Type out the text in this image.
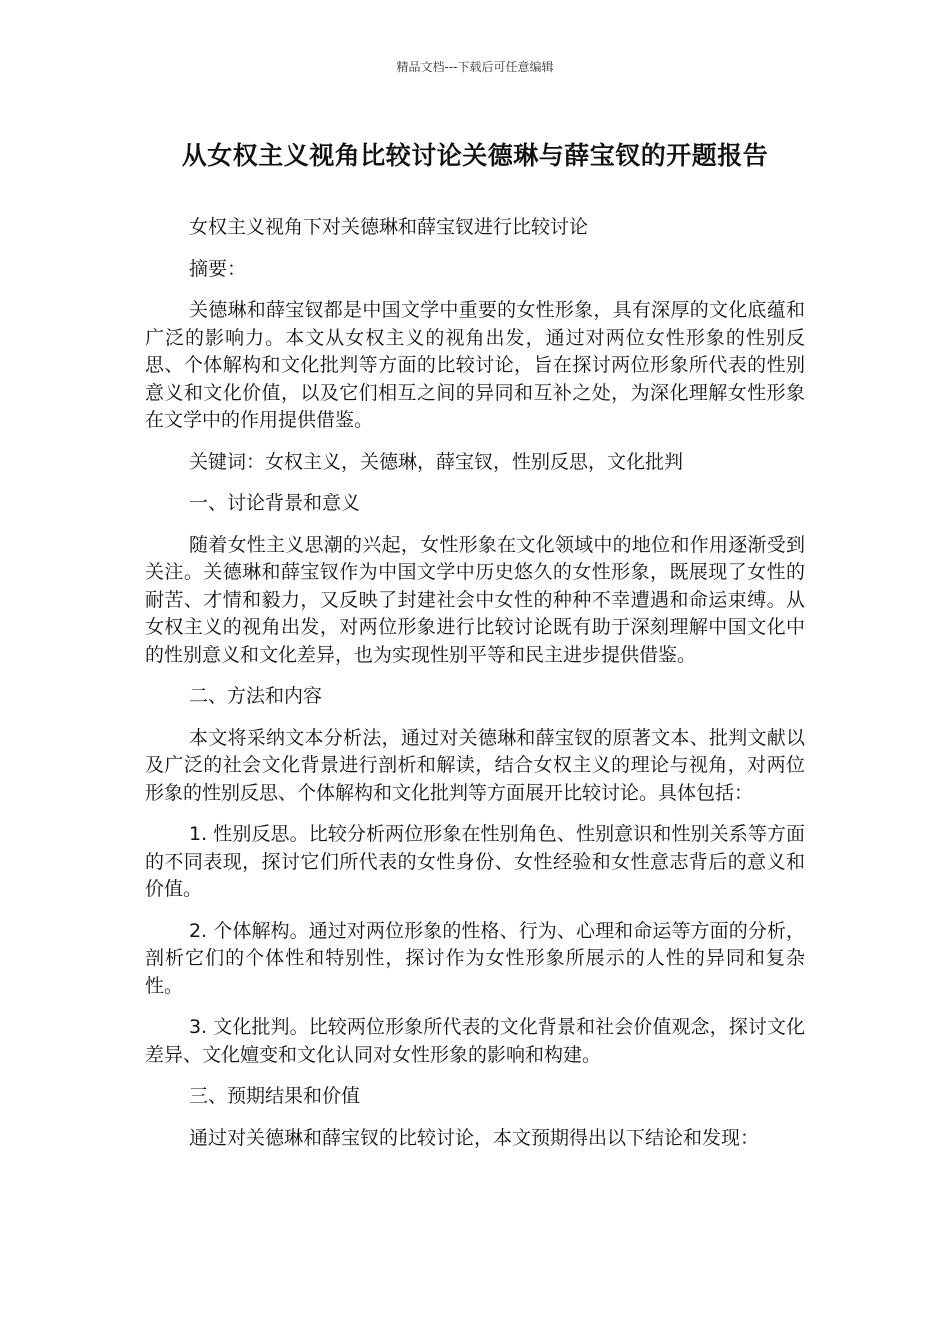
精品文档---下载后可任意编辑
从女权主义视角比较讨论关德琳与薛宝钗的开题报告

女权主义视角下对关德琳和薛宝钗进行比较讨论

摘要：

关德琳和薛宝钗都是中国文学中重要的女性形象，具有深厚的文化底蕴和广泛的影响力。本文从女权主义的视角出发，通过对两位女性形象的性别反思、个体解构和文化批判等方面的比较讨论，旨在探讨两位形象所代表的性别意义和文化价值，以及它们相互之间的异同和互补之处，为深化理解女性形象在文学中的作用提供借鉴。

关键词：女权主义，关德琳，薛宝钗，性别反思，文化批判

一、讨论背景和意义

随着女性主义思潮的兴起，女性形象在文化领域中的地位和作用逐渐受到关注。关德琳和薛宝钗作为中国文学中历史悠久的女性形象，既展现了女性的耐苦、才情和毅力，又反映了封建社会中女性的种种不幸遭遇和命运束缚。从女权主义的视角出发，对两位形象进行比较讨论既有助于深刻理解中国文化中的性别意义和文化差异，也为实现性别平等和民主进步提供借鉴。

二、方法和内容

本文将采纳文本分析法，通过对关德琳和薛宝钗的原著文本、批判文献以及广泛的社会文化背景进行剖析和解读，结合女权主义的理论与视角，对两位形象的性别反思、个体解构和文化批判等方面展开比较讨论。具体包括：

1. 性别反思。比较分析两位形象在性别角色、性别意识和性别关系等方面的不同表现，探讨它们所代表的女性身份、女性经验和女性意志背后的意义和价值。

2. 个体解构。通过对两位形象的性格、行为、心理和命运等方面的分析，剖析它们的个体性和特别性，探讨作为女性形象所展示的人性的异同和复杂性。

3. 文化批判。比较两位形象所代表的文化背景和社会价值观念，探讨文化差异、文化嬗变和文化认同对女性形象的影响和构建。

三、预期结果和价值

通过对关德琳和薛宝钗的比较讨论，本文预期得出以下结论和发现：
